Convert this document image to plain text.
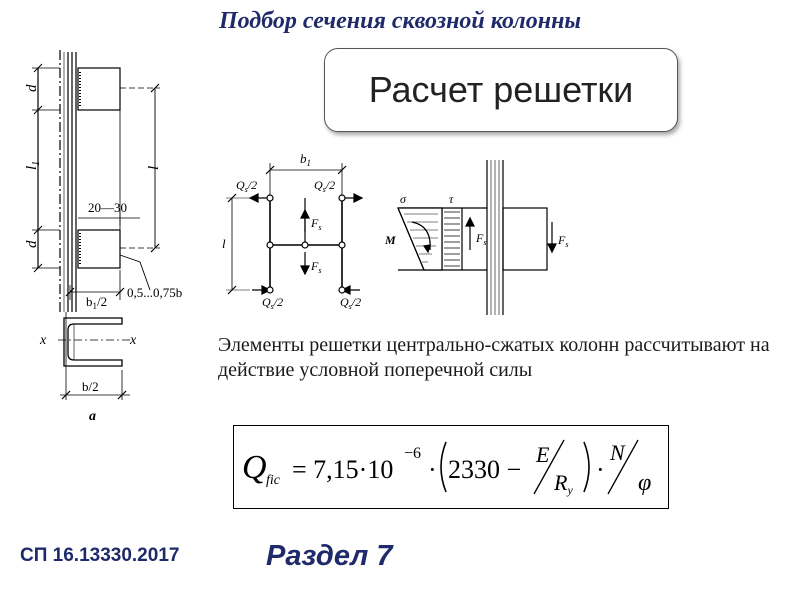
Подбор сечения сквозной колонны
d
$l_1$
l
20—30
d
0,5...0,75b
$b_1/2$
x	x
b/2
a
Расчет решетки
$b_1$
$Q_s/2$	$Q_s/2$
$Q_s/2$	$Q_s/2$
l
$F_s$
$F_s$
σ	τ
M	$F_s$	$F_s$
Элементы решетки центрально-сжатых колонн рассчитывают на действие условной поперечной силы
Q fic = 7,15·10
−6
· 2330 −
E
Ry
·
N
φ
СП 16.13330.2017	Раздел 7
